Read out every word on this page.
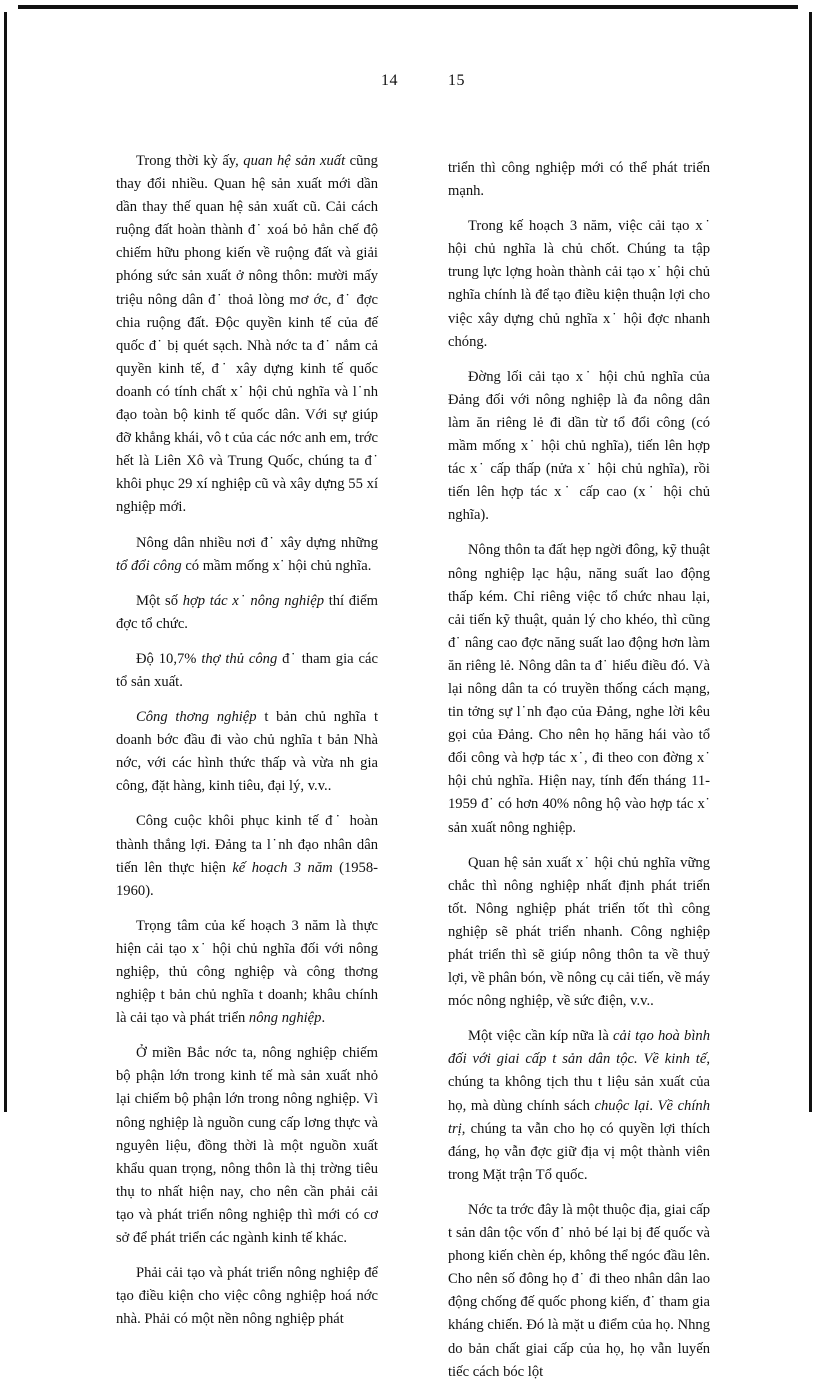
14	15

Trong thời kỳ ấy, quan hệ sản xuất cũng thay đổi nhiều. Quan hệ sản xuất mới dần dần thay thế quan hệ sản xuất cũ. Cải cách ruộng đất hoàn thành đ˙ xoá bỏ hẳn chế độ chiếm hữu phong kiến về ruộng đất và giải phóng sức sản xuất ở nông thôn: mười mấy triệu nông dân đ˙ thoả lòng mơ ớc, đ˙ đợc chia ruộng đất. Độc quyền kinh tế của đế quốc đ˙ bị quét sạch. Nhà nớc ta đ˙ nắm cả quyền kinh tế, đ˙ xây dựng kinh tế quốc doanh có tính chất x˙ hội chủ nghĩa và l˙nh đạo toàn bộ kinh tế quốc dân. Với sự giúp đỡ khẳng khái, vô t của các nớc anh em, trớc hết là Liên Xô và Trung Quốc, chúng ta đ˙ khôi phục 29 xí nghiệp cũ và xây dựng 55 xí nghiệp mới.

Nông dân nhiều nơi đ˙ xây dựng những tổ đổi công có mầm mống x˙ hội chủ nghĩa.

Một số hợp tác x˙ nông nghiệp thí điểm đợc tổ chức.

Độ 10,7% thợ thủ công đ˙ tham gia các tổ sản xuất.

Công thơng nghiệp t bản chủ nghĩa t doanh bớc đầu đi vào chủ nghĩa t bản Nhà nớc, với các hình thức thấp và vừa nh gia công, đặt hàng, kinh tiêu, đại lý, v.v..

Công cuộc khôi phục kinh tế đ˙ hoàn thành thắng lợi. Đảng ta l˙nh đạo nhân dân tiến lên thực hiện kế hoạch 3 năm (1958-1960).

Trọng tâm của kế hoạch 3 năm là thực hiện cải tạo x˙ hội chủ nghĩa đối với nông nghiệp, thủ công nghiệp và công thơng nghiệp t bản chủ nghĩa t doanh; khâu chính là cải tạo và phát triển nông nghiệp.

Ở miền Bắc nớc ta, nông nghiệp chiếm bộ phận lớn trong kinh tế mà sản xuất nhỏ lại chiếm bộ phận lớn trong nông nghiệp. Vì nông nghiệp là nguồn cung cấp lơng thực và nguyên liệu, đồng thời là một nguồn xuất khẩu quan trọng, nông thôn là thị trờng tiêu thụ to nhất hiện nay, cho nên cần phải cải tạo và phát triển nông nghiệp thì mới có cơ sở để phát triển các ngành kinh tế khác.

Phải cải tạo và phát triển nông nghiệp để tạo điều kiện cho việc công nghiệp hoá nớc nhà. Phải có một nền nông nghiệp phát

triển thì công nghiệp mới có thể phát triển mạnh.

Trong kế hoạch 3 năm, việc cải tạo x˙ hội chủ nghĩa là chủ chốt. Chúng ta tập trung lực lợng hoàn thành cải tạo x˙ hội chủ nghĩa chính là để tạo điều kiện thuận lợi cho việc xây dựng chủ nghĩa x˙ hội đợc nhanh chóng.

Đờng lối cải tạo x˙ hội chủ nghĩa của Đảng đối với nông nghiệp là đa nông dân làm ăn riêng lẻ đi dần từ tổ đổi công (có mầm mống x˙ hội chủ nghĩa), tiến lên hợp tác x˙ cấp thấp (nửa x˙ hội chủ nghĩa), rồi tiến lên hợp tác x˙ cấp cao (x˙ hội chủ nghĩa).

Nông thôn ta đất hẹp ngời đông, kỹ thuật nông nghiệp lạc hậu, năng suất lao động thấp kém. Chỉ riêng việc tổ chức nhau lại, cải tiến kỹ thuật, quản lý cho khéo, thì cũng đ˙ nâng cao đợc năng suất lao động hơn làm ăn riêng lẻ. Nông dân ta đ˙ hiểu điều đó. Và lại nông dân ta có truyền thống cách mạng, tin tởng sự l˙nh đạo của Đảng, nghe lời kêu gọi của Đảng. Cho nên họ hăng hái vào tổ đổi công và hợp tác x˙, đi theo con đờng x˙ hội chủ nghĩa. Hiện nay, tính đến tháng 11-1959 đ˙ có hơn 40% nông hộ vào hợp tác x˙ sản xuất nông nghiệp.

Quan hệ sản xuất x˙ hội chủ nghĩa vững chắc thì nông nghiệp nhất định phát triển tốt. Nông nghiệp phát triển tốt thì công nghiệp sẽ phát triển nhanh. Công nghiệp phát triển thì sẽ giúp nông thôn ta về thuỷ lợi, về phân bón, về nông cụ cải tiến, về máy móc nông nghiệp, về sức điện, v.v..

Một việc cần kíp nữa là cải tạo hoà bình đối với giai cấp t sản dân tộc. Về kinh tế, chúng ta không tịch thu t liệu sản xuất của họ, mà dùng chính sách chuộc lại. Về chính trị, chúng ta vẫn cho họ có quyền lợi thích đáng, họ vẫn đợc giữ địa vị một thành viên trong Mặt trận Tổ quốc.

Nớc ta trớc đây là một thuộc địa, giai cấp t sản dân tộc vốn đ˙ nhỏ bé lại bị đế quốc và phong kiến chèn ép, không thể ngóc đầu lên. Cho nên số đông họ đ˙ đi theo nhân dân lao động chống đế quốc phong kiến, đ˙ tham gia kháng chiến. Đó là mặt u điểm của họ. Nhng do bản chất giai cấp của họ, họ vẫn luyến tiếc cách bóc lột
